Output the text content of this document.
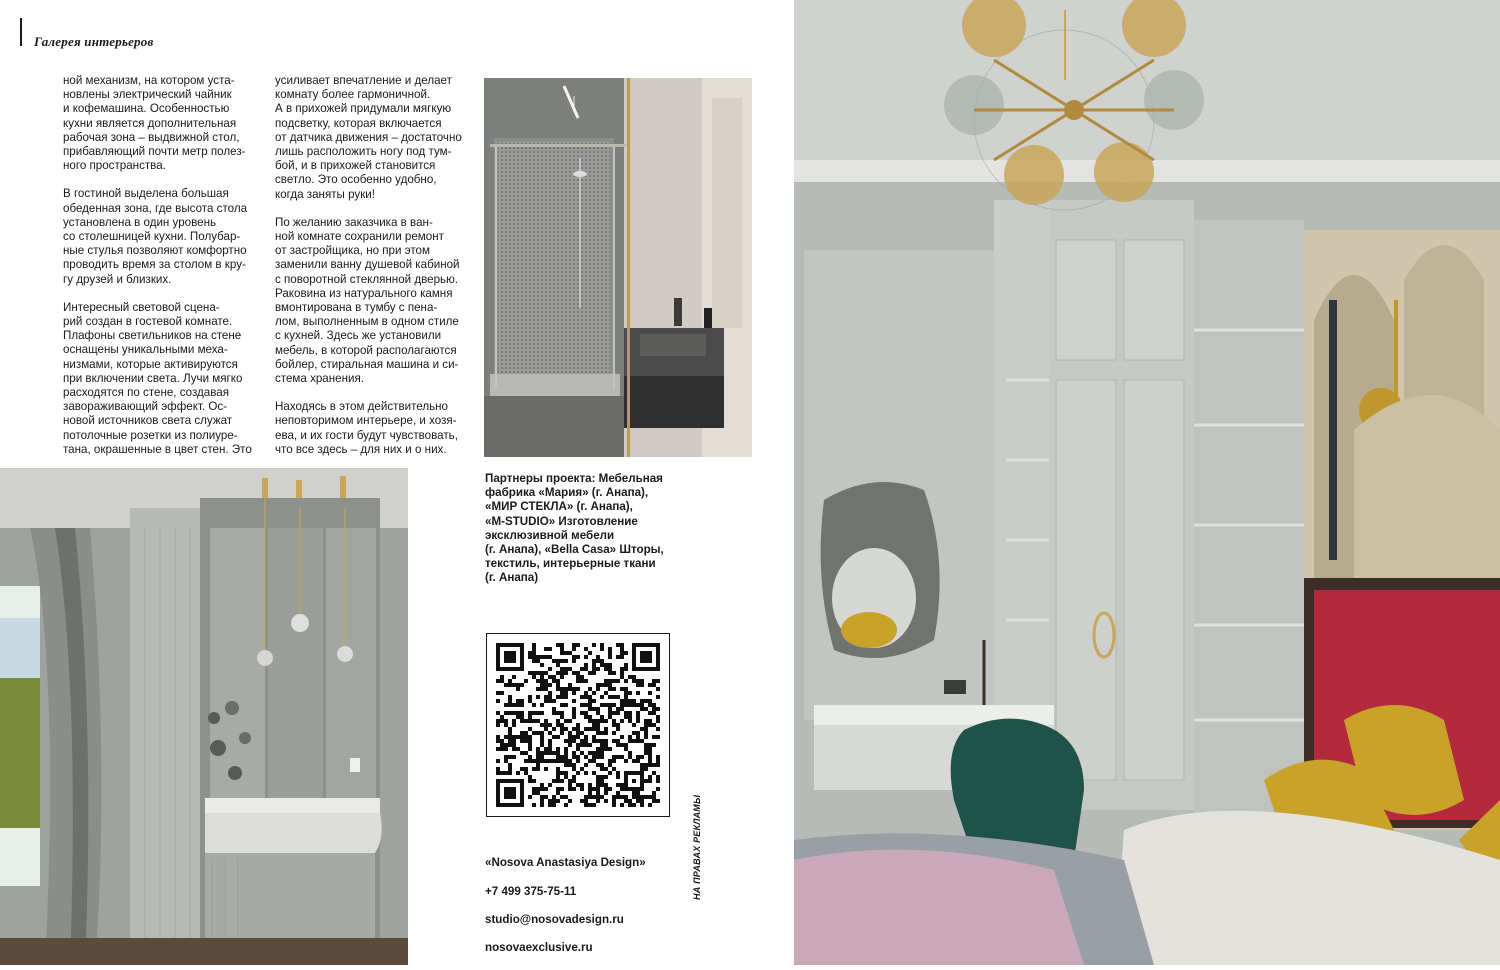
Галерея интерьеров

ной механизм, на котором уста-
новлены электрический чайник
и кофемашина. Особенностью
кухни является дополнительная
рабочая зона – выдвижной стол,
прибавляющий почти метр полез-
ного пространства.

В гостиной выделена большая
обеденная зона, где высота стола
установлена в один уровень
со столешницей кухни. Полубар-
ные стулья позволяют комфортно
проводить время за столом в кру-
гу друзей и близких.

Интересный световой сцена-
рий создан в гостевой комнате.
Плафоны светильников на стене
оснащены уникальными меха-
низмами, которые активируются
при включении света. Лучи мягко
расходятся по стене, создавая
завораживающий эффект. Ос-
новой источников света служат
потолочные розетки из полиуре-
тана, окрашенные в цвет стен. Это

усиливает впечатление и делает
комнату более гармоничной.
А в прихожей придумали мягкую
подсветку, которая включается
от датчика движения – достаточно
лишь расположить ногу под тум-
бой, и в прихожей становится
светло. Это особенно удобно,
когда заняты руки!

По желанию заказчика в ван-
ной комнате сохранили ремонт
от застройщика, но при этом
заменили ванну душевой кабиной
с поворотной стеклянной дверью.
Раковина из натурального камня
вмонтирована в тумбу с пена-
лом, выполненным в одном стиле
с кухней. Здесь же установили
мебель, в которой располагаются
бойлер, стиральная машина и си-
стема хранения.

Находясь в этом действительно
неповторимом интерьере, и хозя-
ева, и их гости будут чувствовать,
что все здесь – для них и о них.

Партнеры проекта: Мебельная
фабрика «Мария» (г. Анапа),
«МИР СТЕКЛА» (г. Анапа),
«M-STUDIO» Изготовление
эксклюзивной мебели
(г. Анапа), «Bella Casa» Шторы,
текстиль, интерьерные ткани
(г. Анапа)

«Nosova Anastasiya Design»

+7 499 375-75-11

studio@nosovadesign.ru

nosovaexclusive.ru

НА ПРАВАХ РЕКЛАМЫ
